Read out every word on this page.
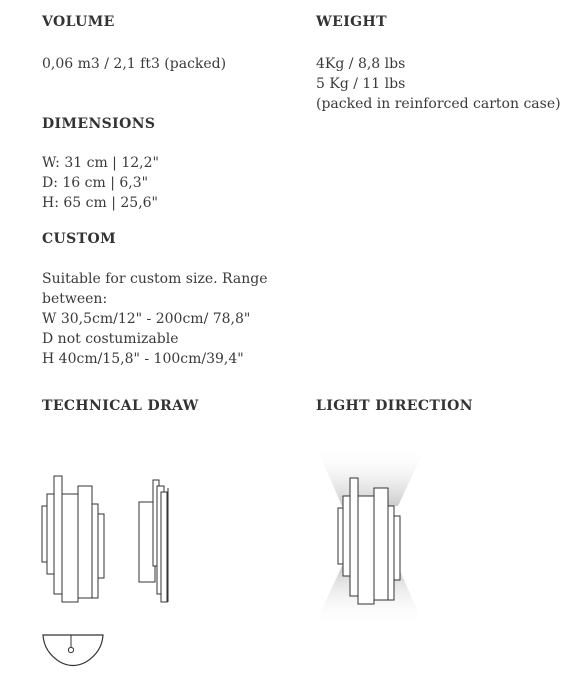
VOLUME
0,06 m3 / 2,1 ft3 (packed)
WEIGHT
4Kg / 8,8 lbs
5 Kg / 11 lbs
(packed in reinforced carton case)
DIMENSIONS
W: 31 cm | 12,2"
D: 16 cm | 6,3"
H: 65 cm | 25,6"
CUSTOM
Suitable for custom size. Range
between:
W 30,5cm/12" - 200cm/ 78,8"
D not costumizable
H 40cm/15,8" - 100cm/39,4"
TECHNICAL DRAW	LIGHT DIRECTION
